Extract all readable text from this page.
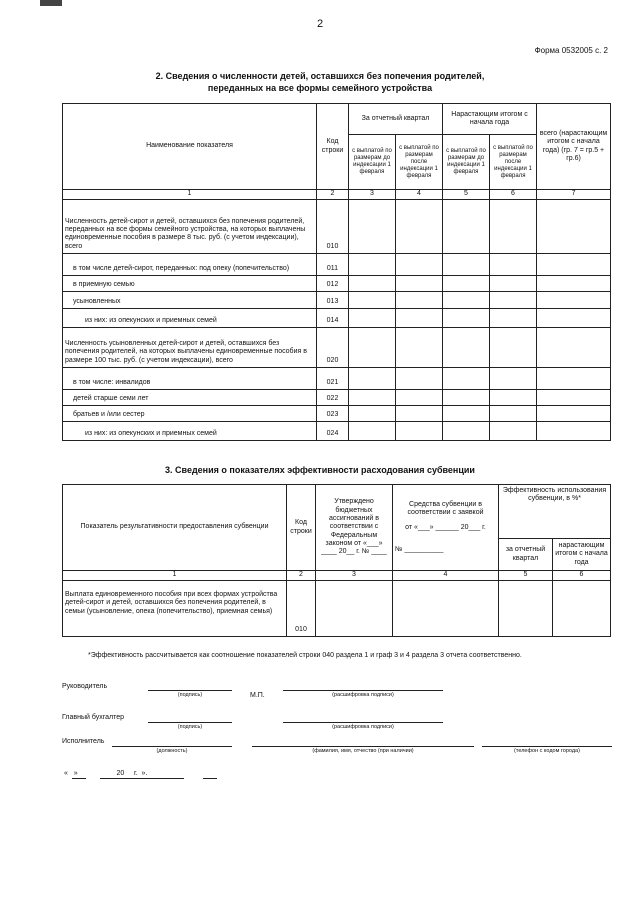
2
Форма 0532005 с. 2
2. Сведения о численности детей, оставшихся без попечения родителей,
переданных на все формы семейного устройства
Наименование показателя	Код строки	За отчетный квартал		Нарастающим итогом с начала года		всего (нарастающим итогом с начала года) (гр. 7 = гр.5 + гр.6)
		с выплатой по размерам до индексации 1 февраля	с выплатой по размерам после индексации 1 февраля	с выплатой по размерам до индексации 1 февраля	с выплатой по размерам после индексации 1 февраля	
1	2	3	4	5	6	7
Численность детей-сирот и детей, оставшихся без попечения родителей, переданных на все формы семейного устройства, на которых выплачены единовременные пособия в размере 8 тыс. руб. (с учетом индексации), всего	010					
в том числе детей-сирот, переданных: под опеку (попечительство)	011					
в приемную семью	012					
усыновленных	013					
из них: из опекунских и приемных семей	014					
Численность усыновленных детей-сирот и детей, оставшихся без попечения родителей, на которых выплачены единовременные пособия в размере 100 тыс. руб. (с учетом индексации), всего	020					
в том числе: инвалидов	021					
детей старше семи лет	022					
братьев и /или сестер	023					
из них: из опекунских и приемных семей	024					
3. Сведения о показателях эффективности расходования субвенции
Показатель результативности предоставления субвенции	Код строки	Утверждено бюджетных ассигнований в соответствии с Федеральным законом от «___» ____ 20__ г. № ____	Средства субвенции в соответствии с заявкой
от «___» ______ 20___ г.
№ __________	Эффективность использования субвенции, в %*	
				за отчетный квартал	нарастающим итогом с начала года
1	2	3	4	5	6
Выплата единовременного пособия при всех формах устройства детей-сирот и детей, оставшихся без попечения родителей, в семьи (усыновление, опека (попечительство), приемная семья)	010				
*Эффективность рассчитывается как соотношение показателей строки 040 раздела 1 и граф 3 и 4 раздела 3 отчета соответственно.
Руководитель
(подпись)	М.П.	(расшифровка подписи)
Главный бухгалтер
(подпись)	(расшифровка подписи)
Исполнитель
(должность)	(фамилия, имя, отчество (при наличии)	(телефон с кодом города)
«   »                    20     г.  ».
